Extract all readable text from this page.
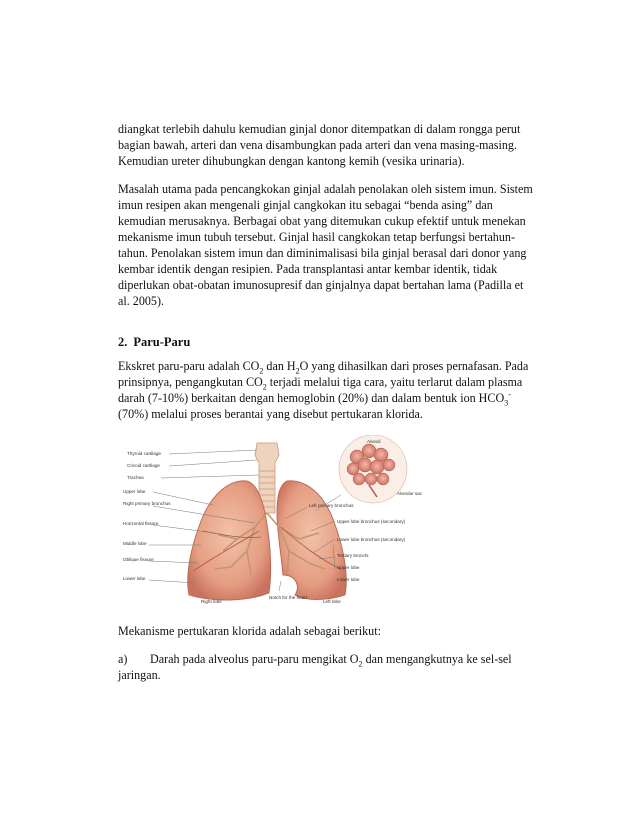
diangkat terlebih dahulu kemudian ginjal donor ditempatkan di dalam rongga perut
bagian bawah, arteri dan vena disambungkan pada arteri dan vena masing-masing.
Kemudian ureter dihubungkan dengan kantong kemih (vesika urinaria).

Masalah utama pada pencangkokan ginjal adalah penolakan oleh sistem imun. Sistem
imun resipen akan mengenali ginjal cangkokan itu sebagai “benda asing” dan
kemudian merusaknya. Berbagai obat yang ditemukan cukup efektif untuk menekan
mekanisme imun tubuh tersebut. Ginjal hasil cangkokan tetap berfungsi bertahun-
tahun. Penolakan sistem imun dan diminimalisasi bila ginjal berasal dari donor yang
kembar identik dengan resipien. Pada transplantasi antar kembar identik, tidak
diperlukan obat-obatan imunosupresif dan ginjalnya dapat bertahan lama (Padilla et
al. 2005).

2. Paru-Paru

Ekskret paru-paru adalah $CO_2$ dan $H_2O$ yang dihasilkan dari proses pernafasan. Pada
prinsipnya, pengangkutan $CO_2$ terjadi melalui tiga cara, yaitu terlarut dalam plasma
darah (7-10%) berkaitan dengan hemoglobin (20%) dan dalam bentuk ion $HCO_3^-$
(70%) melalui proses berantai yang disebut pertukaran klorida.

Thyroid cartilage
Cricoid cartilage
Trachea
Upper lobe
Right primary bronchus
Horizontal fissure
Middle lobe
Oblique fissure
Lower lobe
Right lobe
Notch for the heart
Left lobe
Alveoli
Alveolar sac
Left primary bronchus
Upper lobe bronchus (secondary)
Lower lobe bronchus (secondary)
Tertiary bronchi
Upper lobe
Lower lobe

Mekanisme pertukaran klorida adalah sebagai berikut:

a) Darah pada alveolus paru-paru mengikat $O_2$ dan mengangkutnya ke sel-sel
jaringan.
